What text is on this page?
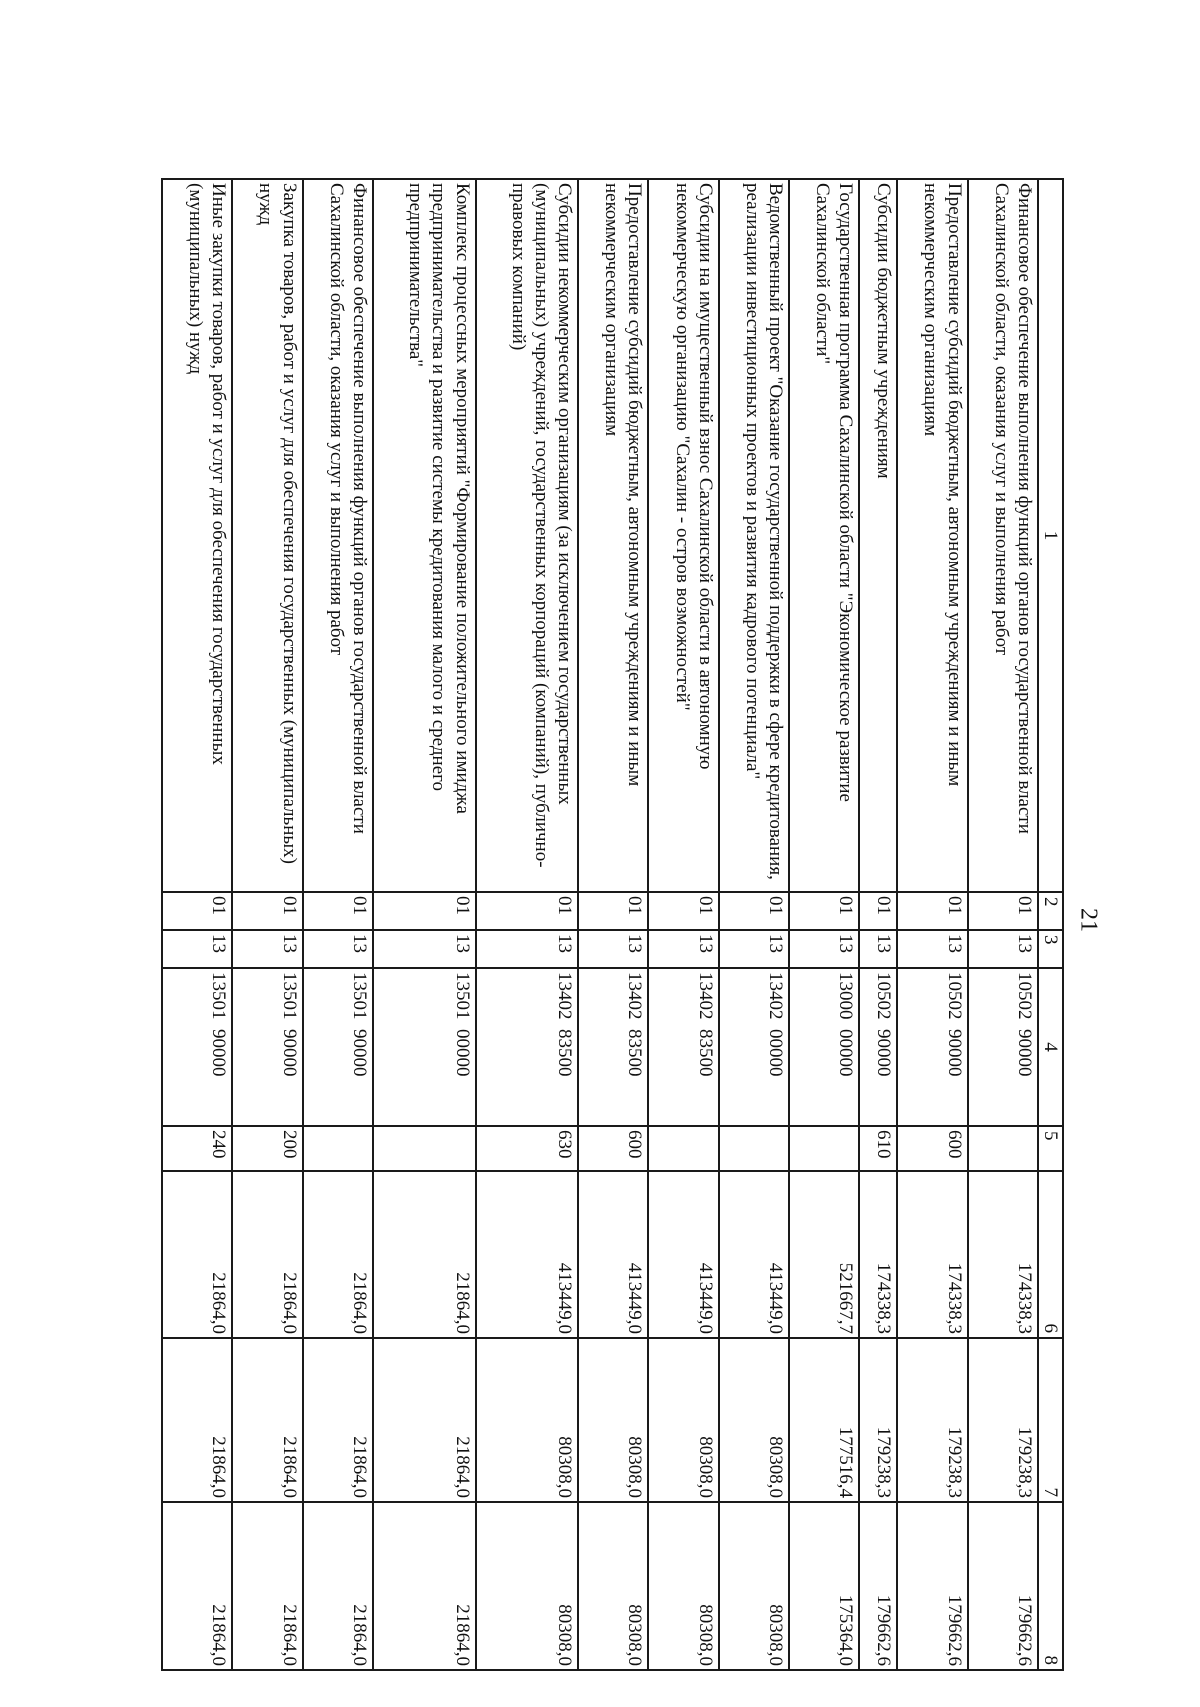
21
1	2	3	4	5	6	7	8
Финансовое обеспечение выполнения функций органов государственной власти Сахалинской области, оказания услуг и выполнения работ	01	13	10502  90000		174338,3	179238,3	179662,6
Предоставление субсидий бюджетным, автономным учреждениям и иным некоммерческим организациям	01	13	10502  90000	600	174338,3	179238,3	179662,6
Субсидии бюджетным учреждениям	01	13	10502  90000	610	174338,3	179238,3	179662,6
Государственная программа Сахалинской области "Экономическое развитие Сахалинской области"	01	13	13000  00000		521667,7	177516,4	175364,0
Ведомственный проект "Оказание государственной поддержки в сфере кредитования, реализации инвестиционных проектов и развития кадрового потенциала"	01	13	13402  00000		413449,0	80308,0	80308,0
Субсидии на имущественный взнос Сахалинской области в автономную некоммерческую организацию "Сахалин - остров возможностей"	01	13	13402  83500		413449,0	80308,0	80308,0
Предоставление субсидий бюджетным, автономным учреждениям и иным некоммерческим организациям	01	13	13402  83500	600	413449,0	80308,0	80308,0
Субсидии некоммерческим организациям (за исключением государственных (муниципальных) учреждений, государственных корпораций (компаний), публично-правовых компаний)	01	13	13402  83500	630	413449,0	80308,0	80308,0
Комплекс процессных мероприятий "Формирование положительного имиджа предпринимательства и развитие системы кредитования малого и среднего предпринимательства"	01	13	13501  00000		21864,0	21864,0	21864,0
Финансовое обеспечение выполнения функций органов государственной власти Сахалинской области, оказания услуг и выполнения работ	01	13	13501  90000		21864,0	21864,0	21864,0
Закупка товаров, работ и услуг для обеспечения государственных (муниципальных) нужд	01	13	13501  90000	200	21864,0	21864,0	21864,0
Иные закупки товаров, работ и услуг для обеспечения государственных (муниципальных) нужд	01	13	13501  90000	240	21864,0	21864,0	21864,0
